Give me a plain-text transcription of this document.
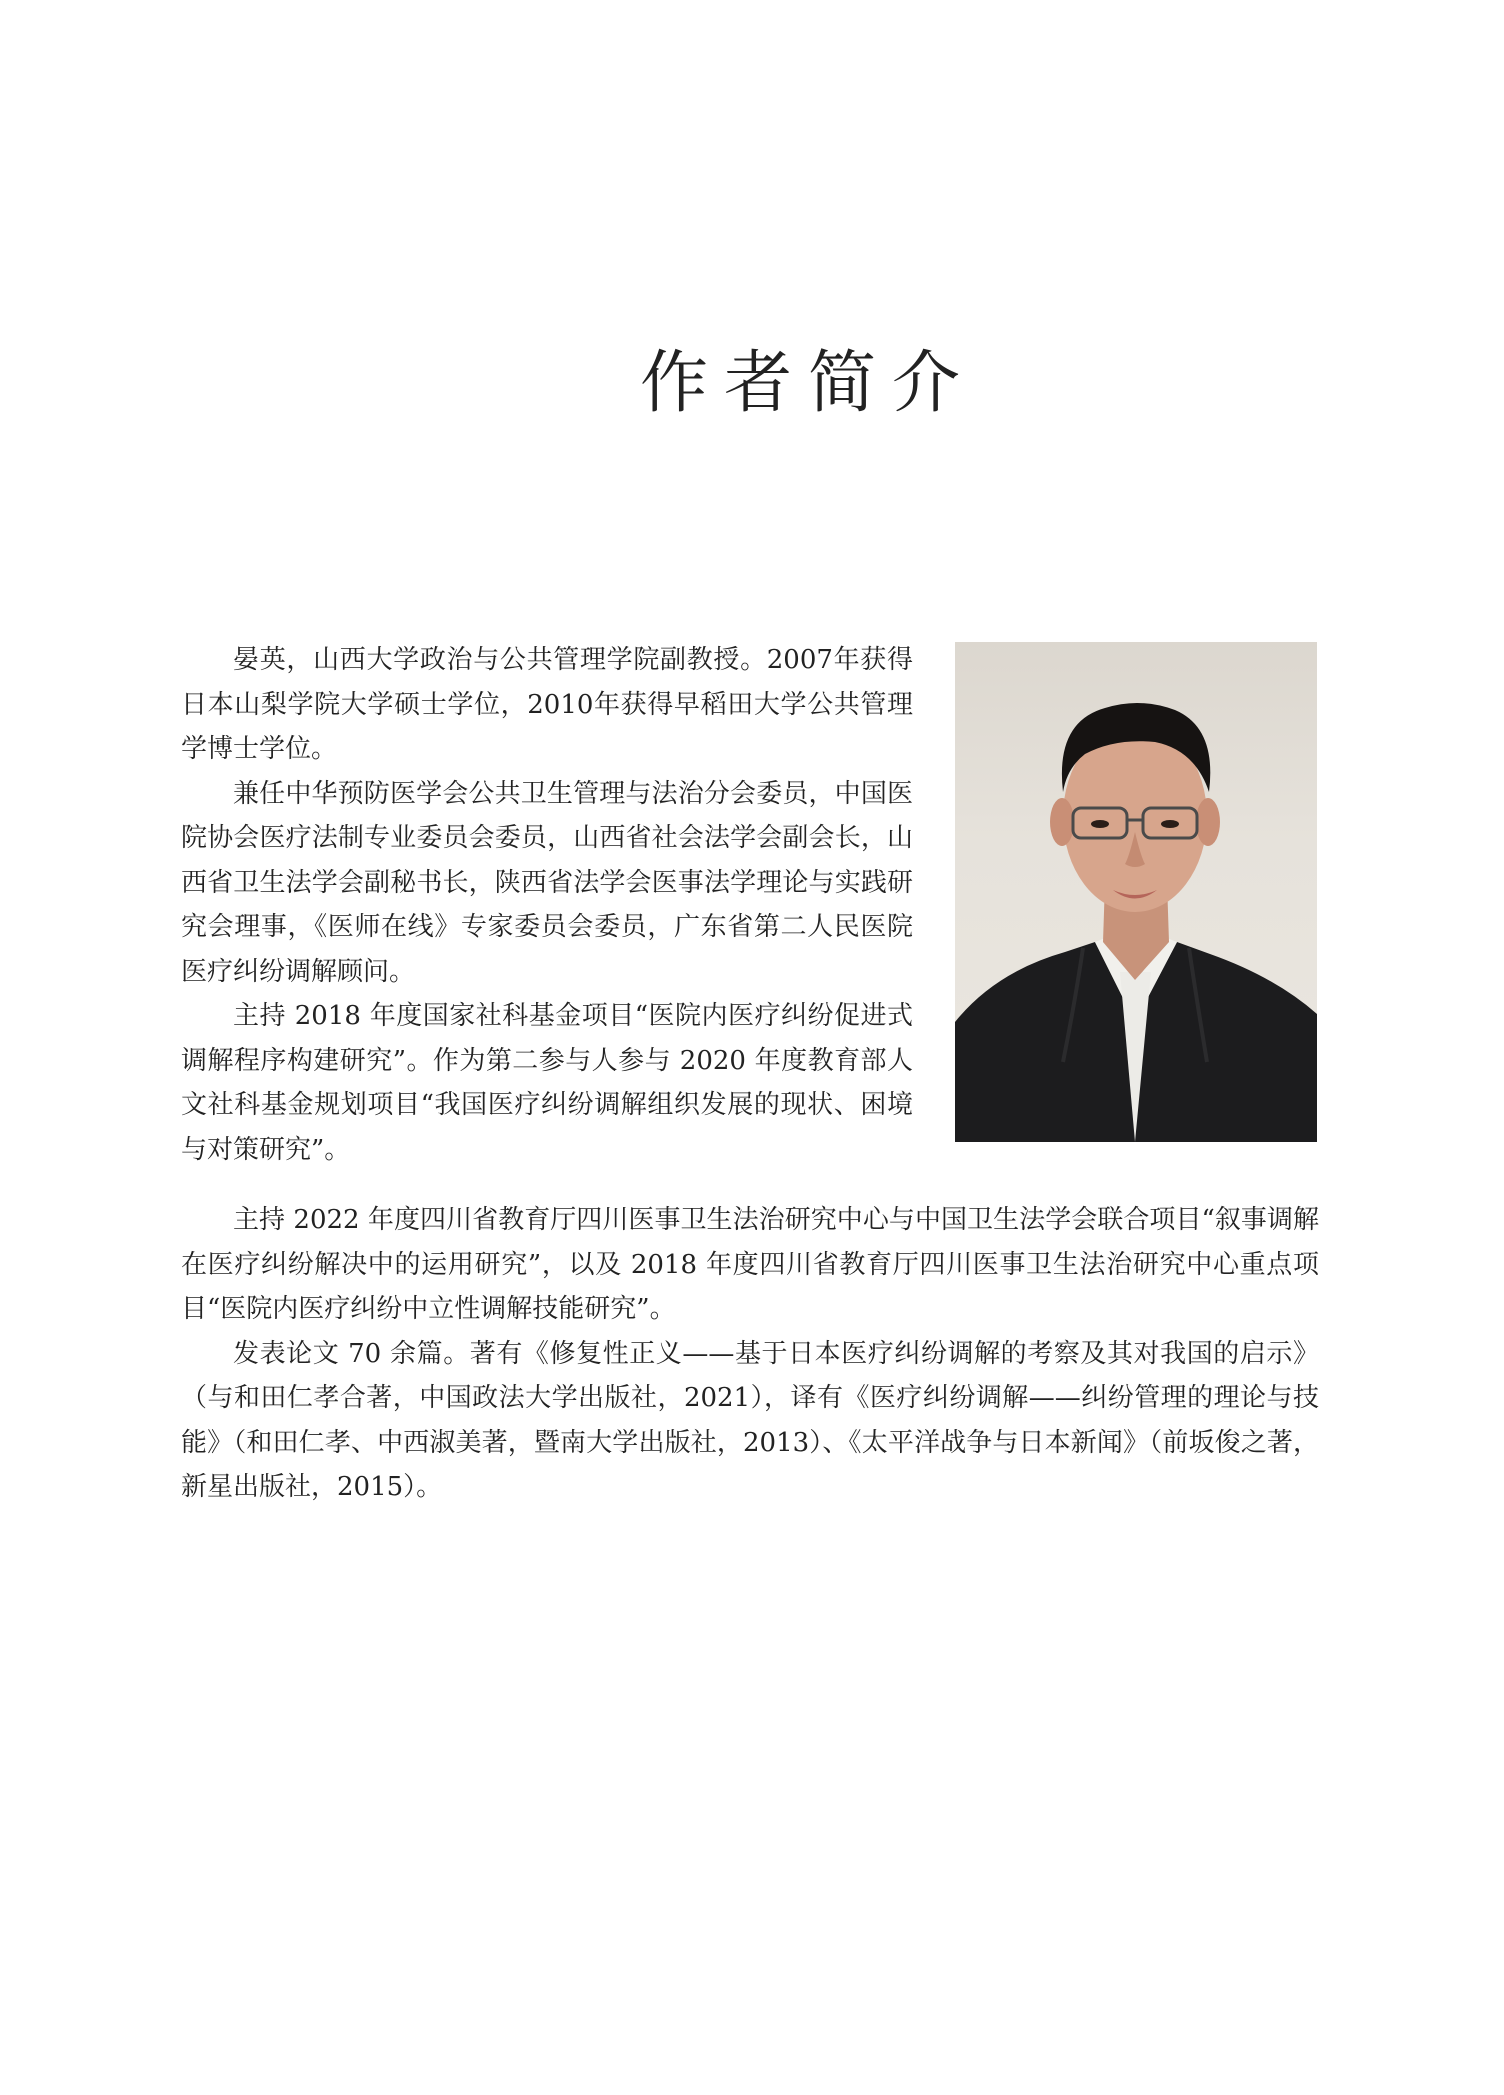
作者简介

晏英，山西大学政治与公共管理学院副教授。2007年获得日本山梨学院大学硕士学位，2010年获得早稻田大学公共管理学博士学位。

兼任中华预防医学会公共卫生管理与法治分会委员，中国医院协会医疗法制专业委员会委员，山西省社会法学会副会长，山西省卫生法学会副秘书长，陕西省法学会医事法学理论与实践研究会理事，《医师在线》专家委员会委员，广东省第二人民医院医疗纠纷调解顾问。

主持 2018 年度国家社科基金项目“医院内医疗纠纷促进式调解程序构建研究”。作为第二参与人参与 2020 年度教育部人文社科基金规划项目“我国医疗纠纷调解组织发展的现状、困境与对策研究”。

主持 2022 年度四川省教育厅四川医事卫生法治研究中心与中国卫生法学会联合项目“叙事调解在医疗纠纷解决中的运用研究”，以及 2018 年度四川省教育厅四川医事卫生法治研究中心重点项目“医院内医疗纠纷中立性调解技能研究”。

发表论文 70 余篇。著有《修复性正义——基于日本医疗纠纷调解的考察及其对我国的启示》（与和田仁孝合著，中国政法大学出版社，2021），译有《医疗纠纷调解——纠纷管理的理论与技能》（和田仁孝、中西淑美著，暨南大学出版社，2013）、《太平洋战争与日本新闻》（前坂俊之著，新星出版社，2015）。
